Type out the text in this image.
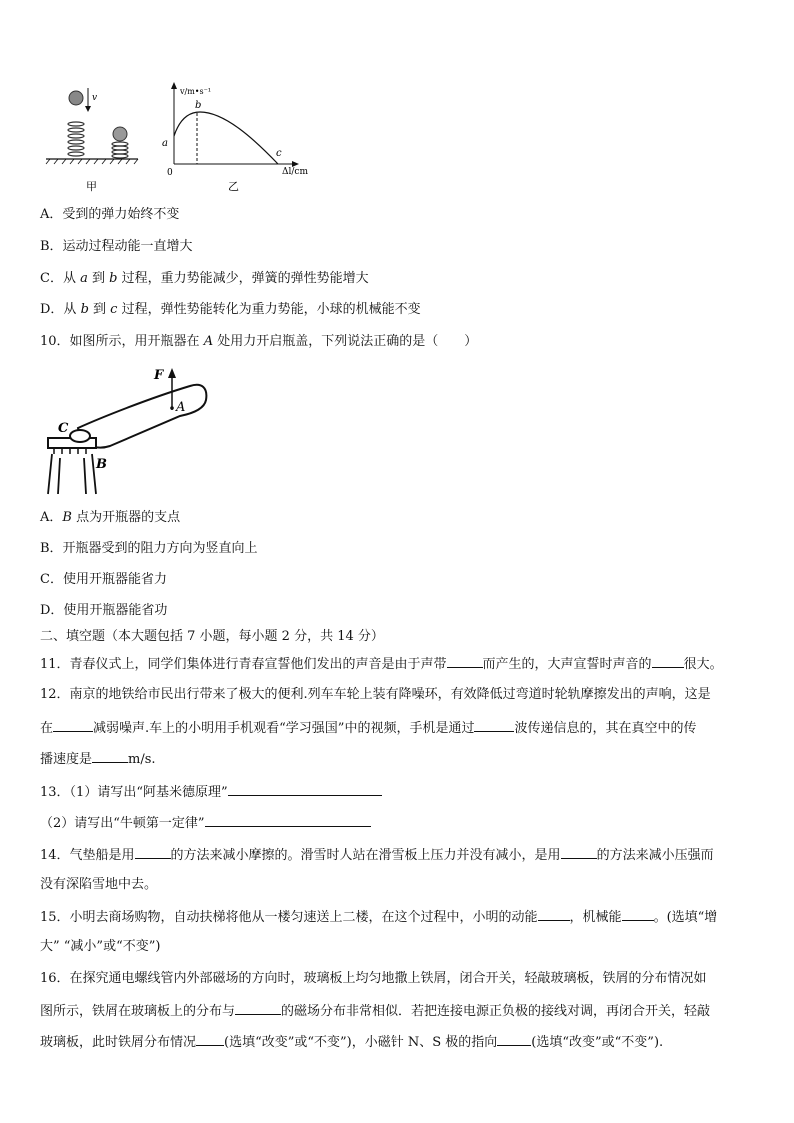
v
甲
v/m•s⁻¹
Δl/cm
0
a
b
c
乙
A．受到的弹力始终不变
B．运动过程动能一直增大
C．从 a 到 b 过程，重力势能减少，弹簧的弹性势能增大
D．从 b 到 c 过程，弹性势能转化为重力势能，小球的机械能不变
10．如图所示，用开瓶器在 A 处用力开启瓶盖，下列说法正确的是（　　）
F
A
C
B
A．B 点为开瓶器的支点
B．开瓶器受到的阻力方向为竖直向上
C．使用开瓶器能省力
D．使用开瓶器能省功
二、填空题（本大题包括 7 小题，每小题 2 分，共 14 分）
11．青春仪式上，同学们集体进行青春宣誓他们发出的声音是由于声带	而产生的，大声宣誓时声音的 很大。
12．南京的地铁给市民出行带来了极大的便利.列车车轮上装有降噪环，有效降低过弯道时轮轨摩擦发出的声响，这是
在	减弱噪声.车上的小明用手机观看“学习强国”中的视频，手机是通过	波传递信息的，其在真空中的传
播速度是	m/s.
13．（1）请写出“阿基米德原理”
（2）请写出“牛顿第一定律”
14．气垫船是用	的方法来减小摩擦的。滑雪时人站在滑雪板上压力并没有减小，是用	的方法来减小压强而
没有深陷雪地中去。
15．小明去商场购物，自动扶梯将他从一楼匀速送上二楼，在这个过程中，小明的动能 ，机械能 。(选填“增
大” “减小”或“不变”)
16．在探究通电螺线管内外部磁场的方向时，玻璃板上均匀地撒上铁屑，闭合开关，轻敲玻璃板，铁屑的分布情况如
图所示，铁屑在玻璃板上的分布与	的磁场分布非常相似．若把连接电源正负极的接线对调，再闭合开关，轻敲
玻璃板，此时铁屑分布情况 (选填“改变”或“不变”)，小磁针 N、S 极的指向	(选填“改变”或“不变”).
